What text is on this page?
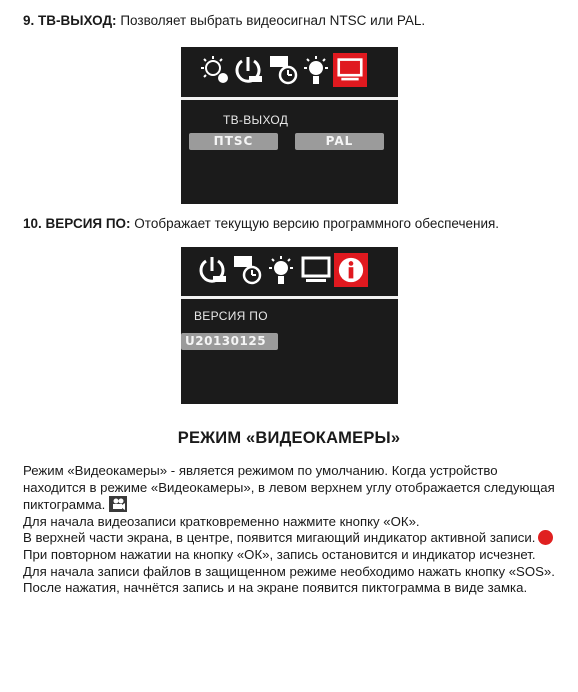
9. ТВ-ВЫХОД: Позволяет выбрать видеосигнал NTSC или PAL.
ТВ-ВЫХОД
ПТSC	PAL
10. ВЕРСИЯ ПО: Отображает текущую версию программного обеспечения.
ВЕРСИЯ ПО
U20130125
РЕЖИМ «ВИДЕОКАМЕРЫ»
Режим «Видеокамеры» - является режимом по умолчанию. Когда устройство находится в режиме «Видеокамеры», в левом верхнем углу отображается следующая пиктограмма.
Для начала видеозаписи кратковременно нажмите кнопку «ОК».
В верхней части экрана, в центре, появится мигающий индикатор активной записи.
При повторном нажатии на кнопку «ОК», запись остановится и индикатор исчезнет.
Для начала записи файлов в защищенном режиме необходимо нажать кнопку «SOS». После нажатия, начнётся запись и на экране появится пиктограмма в виде замка.
